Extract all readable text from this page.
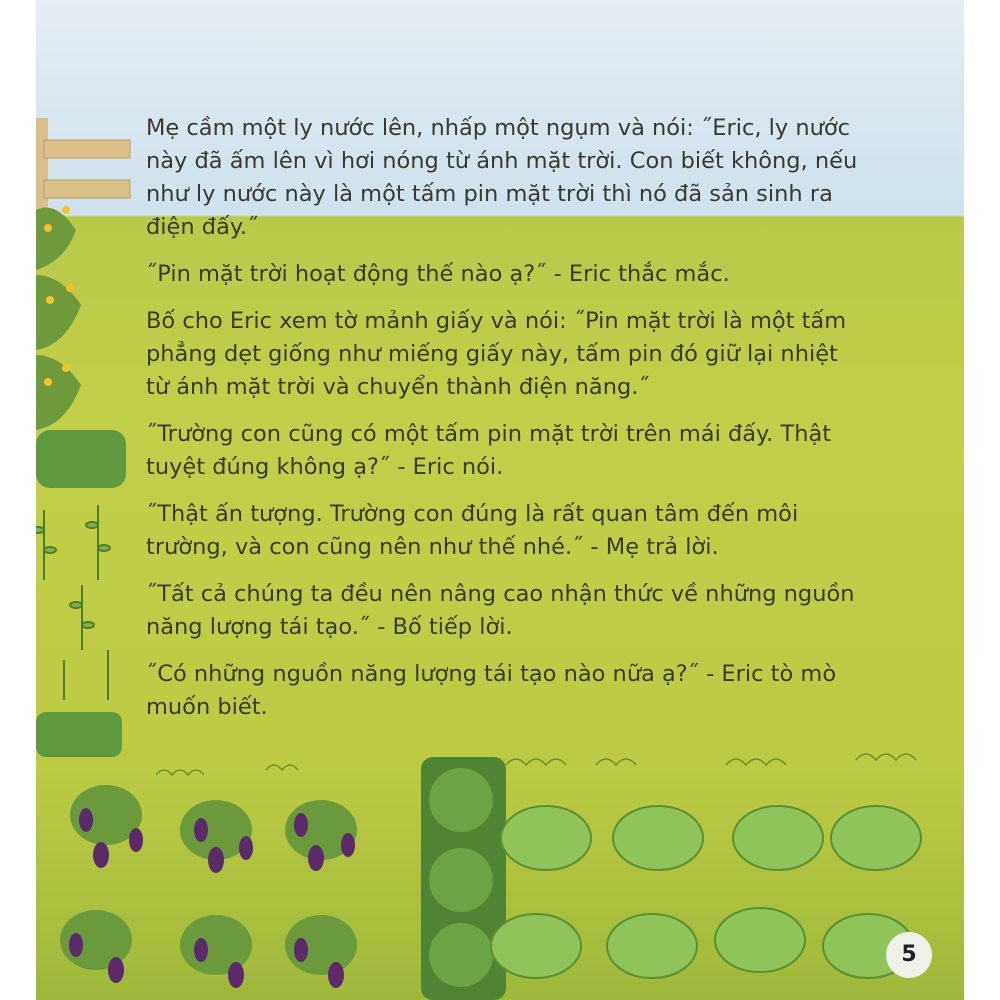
Mẹ cầm một ly nước lên, nhấp một ngụm và nói: ˝Eric, ly nước này đã ấm lên vì hơi nóng từ ánh mặt trời. Con biết không, nếu như ly nước này là một tấm pin mặt trời thì nó đã sản sinh ra điện đấy.˝

˝Pin mặt trời hoạt động thế nào ạ?˝ - Eric thắc mắc.

Bố cho Eric xem tờ mảnh giấy và nói: ˝Pin mặt trời là một tấm phẳng dẹt giống như miếng giấy này, tấm pin đó giữ lại nhiệt từ ánh mặt trời và chuyển thành điện năng.˝

˝Trường con cũng có một tấm pin mặt trời trên mái đấy. Thật tuyệt đúng không ạ?˝ - Eric nói.

˝Thật ấn tượng. Trường con đúng là rất quan tâm đến môi trường, và con cũng nên như thế nhé.˝ - Mẹ trả lời.

˝Tất cả chúng ta đều nên nâng cao nhận thức về những nguồn năng lượng tái tạo.˝ - Bố tiếp lời.

˝Có những nguồn năng lượng tái tạo nào nữa ạ?˝ - Eric tò mò muốn biết.

5
